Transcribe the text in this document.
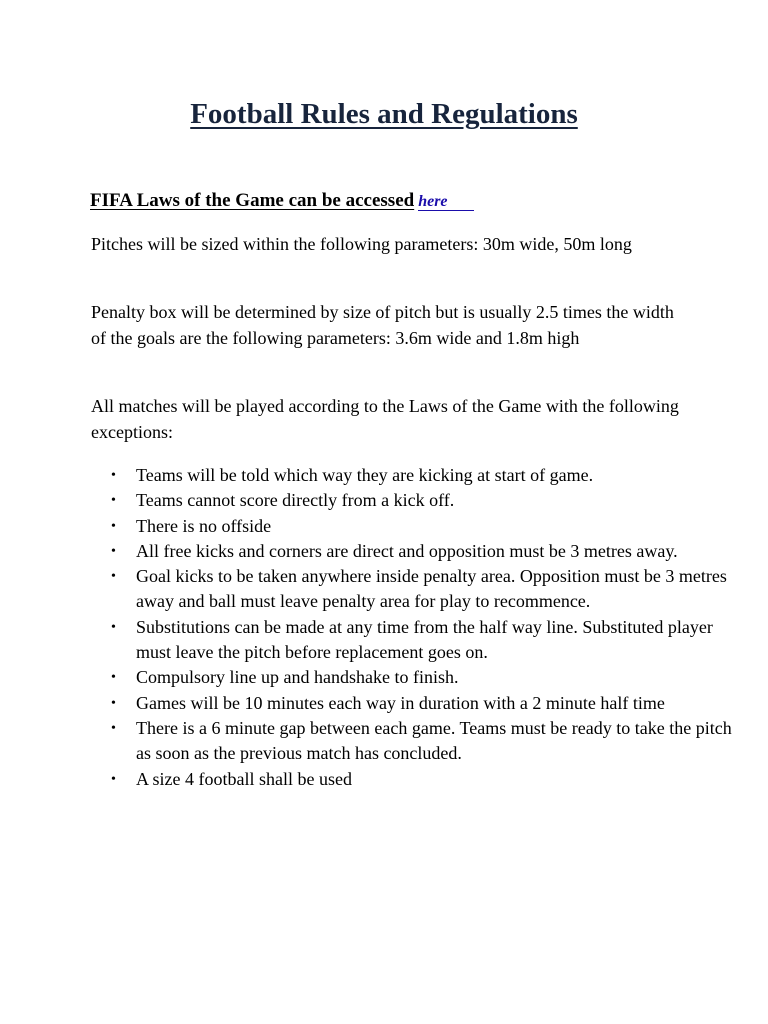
Football Rules and Regulations

FIFA Laws of the Game can be accessed here

Pitches will be sized within the following parameters: 30m wide, 50m long

Penalty box will be determined by size of pitch but is usually 2.5 times the width of the goals are the following parameters: 3.6m wide and 1.8m high

All matches will be played according to the Laws of the Game with the following exceptions:

• Teams will be told which way they are kicking at start of game.
• Teams cannot score directly from a kick off.
• There is no offside
• All free kicks and corners are direct and opposition must be 3 metres away.
• Goal kicks to be taken anywhere inside penalty area. Opposition must be 3 metres away and ball must leave penalty area for play to recommence.
• Substitutions can be made at any time from the half way line. Substituted player must leave the pitch before replacement goes on.
• Compulsory line up and handshake to finish.
• Games will be 10 minutes each way in duration with a 2 minute half time
• There is a 6 minute gap between each game. Teams must be ready to take the pitch as soon as the previous match has concluded.
• A size 4 football shall be used
